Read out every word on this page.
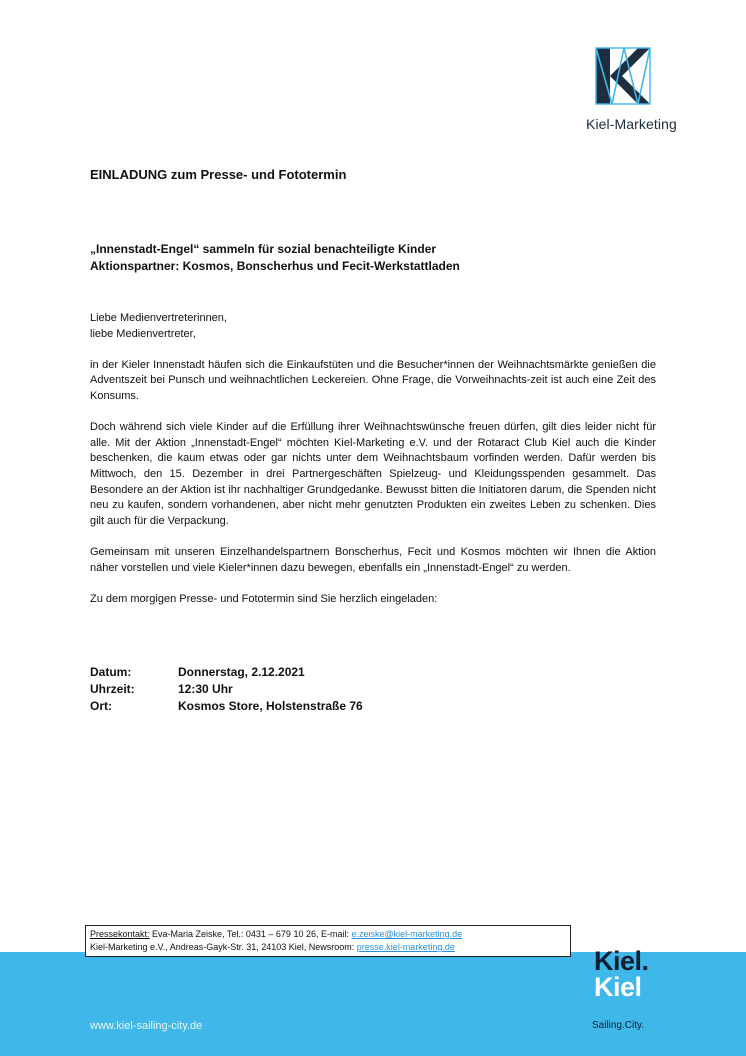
Kiel-Marketing
EINLADUNG zum Presse- und Fototermin
„Innenstadt-Engel“ sammeln für sozial benachteiligte Kinder
Aktionspartner: Kosmos, Bonscherhus und Fecit-Werkstattladen

Liebe Medienvertreterinnen,
liebe Medienvertreter,

in der Kieler Innenstadt häufen sich die Einkaufstüten und die Besucher*innen der Weihnachtsmärkte genießen die Adventszeit bei Punsch und weihnachtlichen Leckereien. Ohne Frage, die Vorweihnachts-zeit ist auch eine Zeit des Konsums.

Doch während sich viele Kinder auf die Erfüllung ihrer Weihnachtswünsche freuen dürfen, gilt dies leider nicht für alle. Mit der Aktion „Innenstadt-Engel“ möchten Kiel-Marketing e.V. und der Rotaract Club Kiel auch die Kinder beschenken, die kaum etwas oder gar nichts unter dem Weihnachtsbaum vorfinden werden. Dafür werden bis Mittwoch, den 15. Dezember in drei Partnergeschäften Spielzeug- und Kleidungsspenden gesammelt. Das Besondere an der Aktion ist ihr nachhaltiger Grundgedanke. Bewusst bitten die Initiatoren darum, die Spenden nicht neu zu kaufen, sondern vorhandenen, aber nicht mehr genutzten Produkten ein zweites Leben zu schenken. Dies gilt auch für die Verpackung.

Gemeinsam mit unseren Einzelhandelspartnern Bonscherhus, Fecit und Kosmos möchten wir Ihnen die Aktion näher vorstellen und viele Kieler*innen dazu bewegen, ebenfalls ein „Innenstadt-Engel“ zu werden.

Zu dem morgigen Presse- und Fototermin sind Sie herzlich eingeladen:

Datum:	Donnerstag, 2.12.2021
Uhrzeit:	12:30 Uhr
Ort:	Kosmos Store, Holstenstraße 76
Pressekontakt: Eva-Maria Zeiske, Tel.: 0431 – 679 10 26, E-mail: e.zeiske@kiel-marketing.de
Kiel-Marketing e.V., Andreas-Gayk-Str. 31, 24103 Kiel, Newsroom: presse.kiel-marketing.de
www.kiel-sailing-city.de
Kiel.
Kiel
Sailing.City.
